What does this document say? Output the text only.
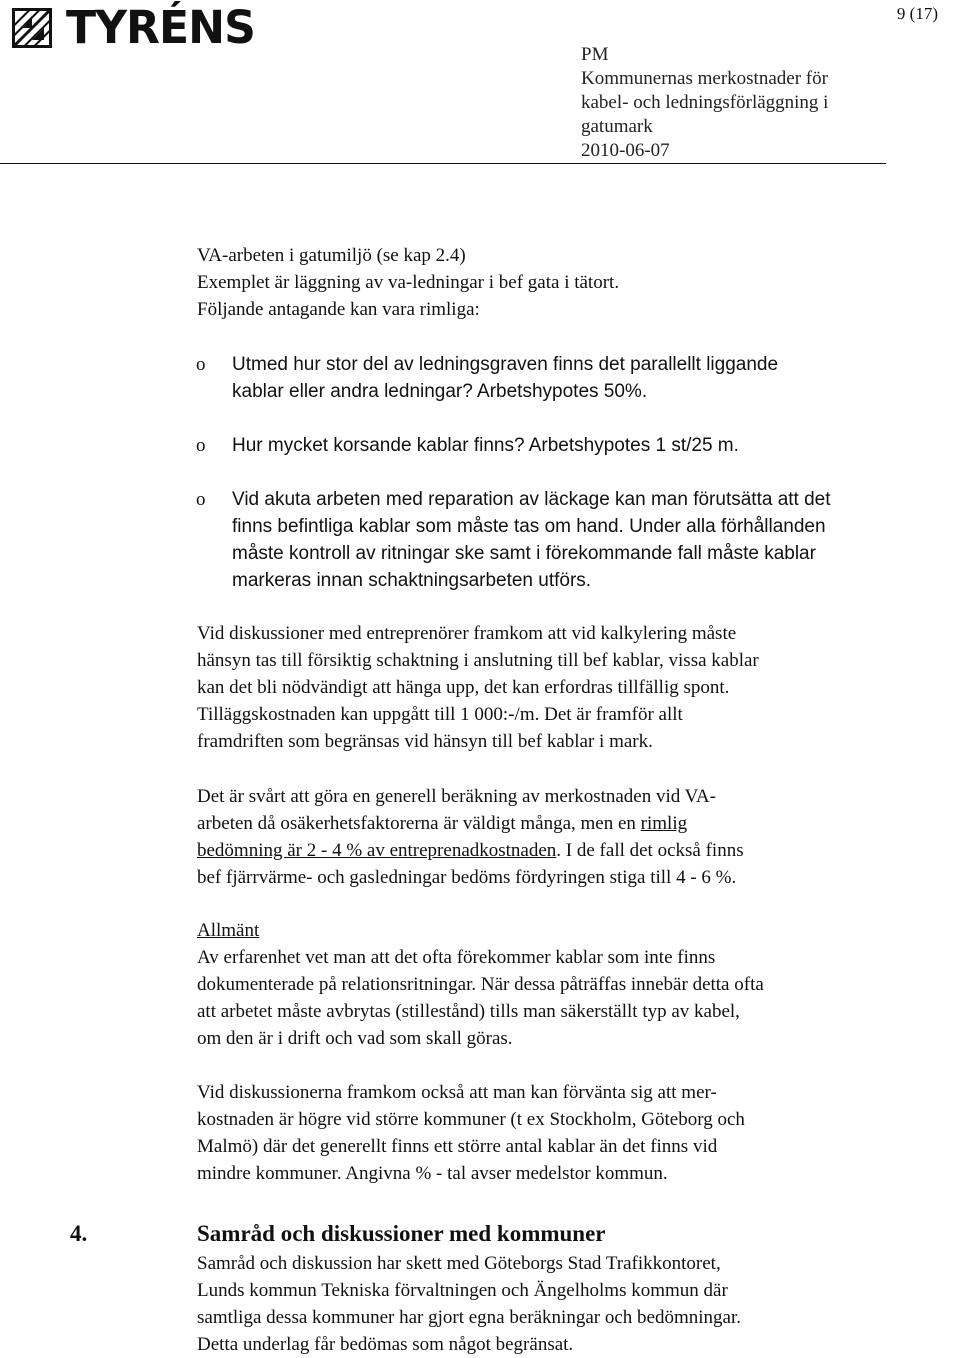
9 (17)
TYRÉNS
PM
Kommunernas merkostnader för
kabel- och ledningsförläggning i
gatumark
2010-06-07

VA-arbeten i gatumiljö (se kap 2.4)

Exemplet är läggning av va-ledningar i bef gata i tätort.

Följande antagande kan vara rimliga:

o Utmed hur stor del av ledningsgraven finns det parallellt liggande
kablar eller andra ledningar? Arbetshypotes 50%.
o Hur mycket korsande kablar finns? Arbetshypotes 1 st/25 m.
o Vid akuta arbeten med reparation av läckage kan man förutsätta att det
finns befintliga kablar som måste tas om hand. Under alla förhållanden
måste kontroll av ritningar ske samt i förekommande fall måste kablar
markeras innan schaktningsarbeten utförs.

Vid diskussioner med entreprenörer framkom att vid kalkylering måste

hänsyn tas till försiktig schaktning i anslutning till bef kablar, vissa kablar

kan det bli nödvändigt att hänga upp, det kan erfordras tillfällig spont.

Tilläggskostnaden kan uppgått till 1 000:-/m. Det är framför allt

framdriften som begränsas vid hänsyn till bef kablar i mark.

Det är svårt att göra en generell beräkning av merkostnaden vid VA-

arbeten då osäkerhetsfaktorerna är väldigt många, men en rimlig

bedömning är 2 - 4 % av entreprenadkostnaden. I de fall det också finns

bef fjärrvärme- och gasledningar bedöms fördyringen stiga till 4 - 6 %.

Allmänt

Av erfarenhet vet man att det ofta förekommer kablar som inte finns

dokumenterade på relationsritningar. När dessa påträffas innebär detta ofta

att arbetet måste avbrytas (stillestånd) tills man säkerställt typ av kabel,

om den är i drift och vad som skall göras.

Vid diskussionerna framkom också att man kan förvänta sig att mer-

kostnaden är högre vid större kommuner (t ex Stockholm, Göteborg och

Malmö) där det generellt finns ett större antal kablar än det finns vid

mindre kommuner. Angivna % - tal avser medelstor kommun.

4.	Samråd och diskussioner med kommuner

Samråd och diskussion har skett med Göteborgs Stad Trafikkontoret,

Lunds kommun Tekniska förvaltningen och Ängelholms kommun där

samtliga dessa kommuner har gjort egna beräkningar och bedömningar.

Detta underlag får bedömas som något begränsat.
